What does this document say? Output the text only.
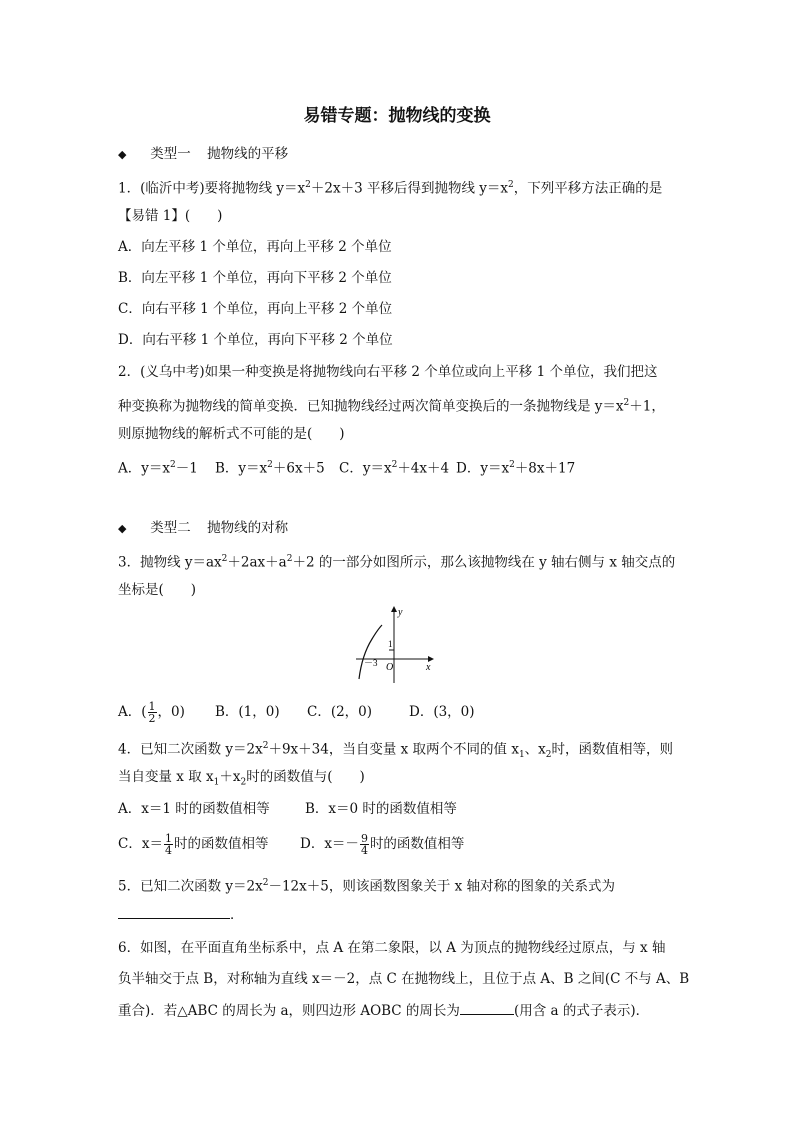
易错专题：抛物线的变换
◆ 类型一 抛物线的平移
1．(临沂中考)要将抛物线 $y=x^2+2x+3$ 平移后得到抛物线 $y=x^2$，下列平移方法正确的是
【易错 1】(　　)
A．向左平移 1 个单位，再向上平移 2 个单位
B．向左平移 1 个单位，再向下平移 2 个单位
C．向右平移 1 个单位，再向上平移 2 个单位
D．向右平移 1 个单位，再向下平移 2 个单位
2．(义乌中考)如果一种变换是将抛物线向右平移 2 个单位或向上平移 1 个单位，我们把这
种变换称为抛物线的简单变换．已知抛物线经过两次简单变换后的一条抛物线是 $y=x^2+1$，
则原抛物线的解析式不可能的是(　　)
A．$y=x^2-1$ B．$y=x^2+6x+5$ C．$y=x^2+4x+4$ D．$y=x^2+8x+17$
◆ 类型二 抛物线的对称
3．抛物线 $y=ax^2+2ax+a^2+2$ 的一部分如图所示，那么该抛物线在 y 轴右侧与 x 轴交点的
坐标是(　　)
y
x
O
1
－3
A．( $\frac{1}{2}$ ，0) B．(1，0) C．(2，0)	D．(3，0)
4．已知二次函数 $y=2x^2+9x+34$，当自变量 x 取两个不同的值 $x_1$、$x_2$时，函数值相等，则
当自变量 x 取 $x_1+x_2$时的函数值与(　　)
A．x＝1 时的函数值相等	B．x＝0 时的函数值相等
C．$x= \frac{1}{4}$ 时的函数值相等 D．$x=- \frac{9}{4}$ 时的函数值相等
5．已知二次函数 $y=2x^2-12x+5$，则该函数图象关于 x 轴对称的图象的关系式为
．
6．如图，在平面直角坐标系中，点 A 在第二象限，以 A 为顶点的抛物线经过原点，与 x 轴
负半轴交于点 B，对称轴为直线 x＝－2，点 C 在抛物线上，且位于点 A、B 之间(C 不与 A、B
重合)．若△ABC 的周长为 a，则四边形 AOBC 的周长为	(用含 a 的式子表示)．
